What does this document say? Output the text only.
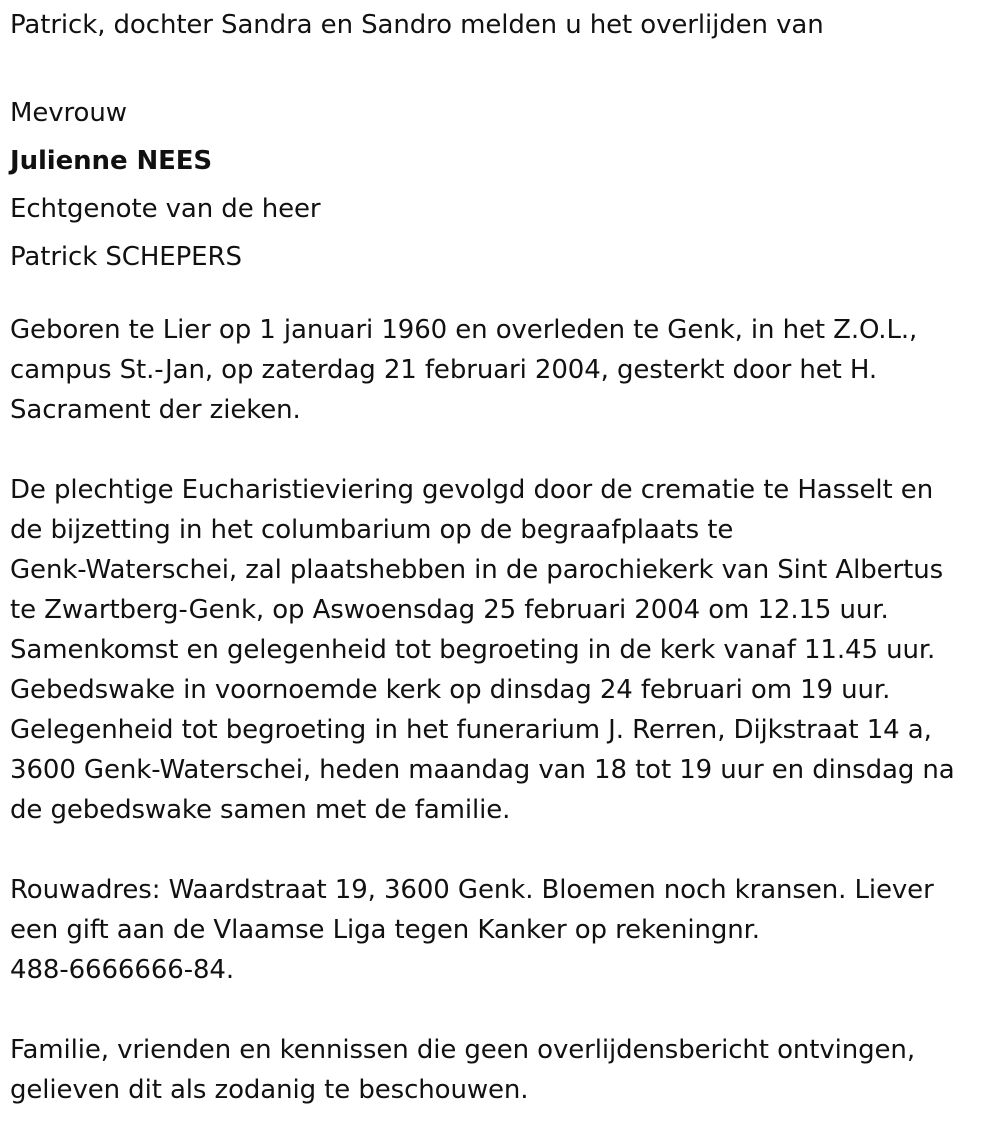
Patrick, dochter Sandra en Sandro melden u het overlijden van

Mevrouw

Julienne NEES

Echtgenote van de heer

Patrick SCHEPERS

Geboren te Lier op 1 januari 1960 en overleden te Genk, in het Z.O.L.,

campus St.-Jan, op zaterdag 21 februari 2004, gesterkt door het H.

Sacrament der zieken.

De plechtige Eucharistieviering gevolgd door de crematie te Hasselt en

de bijzetting in het columbarium op de begraafplaats te

Genk-Waterschei, zal plaatshebben in de parochiekerk van Sint Albertus

te Zwartberg-Genk, op Aswoensdag 25 februari 2004 om 12.15 uur.

Samenkomst en gelegenheid tot begroeting in de kerk vanaf 11.45 uur.

Gebedswake in voornoemde kerk op dinsdag 24 februari om 19 uur.

Gelegenheid tot begroeting in het funerarium J. Rerren, Dijkstraat 14 a,

3600 Genk-Waterschei, heden maandag van 18 tot 19 uur en dinsdag na

de gebedswake samen met de familie.

Rouwadres: Waardstraat 19, 3600 Genk. Bloemen noch kransen. Liever

een gift aan de Vlaamse Liga tegen Kanker op rekeningnr.

488-6666666-84.

Familie, vrienden en kennissen die geen overlijdensbericht ontvingen,

gelieven dit als zodanig te beschouwen.
